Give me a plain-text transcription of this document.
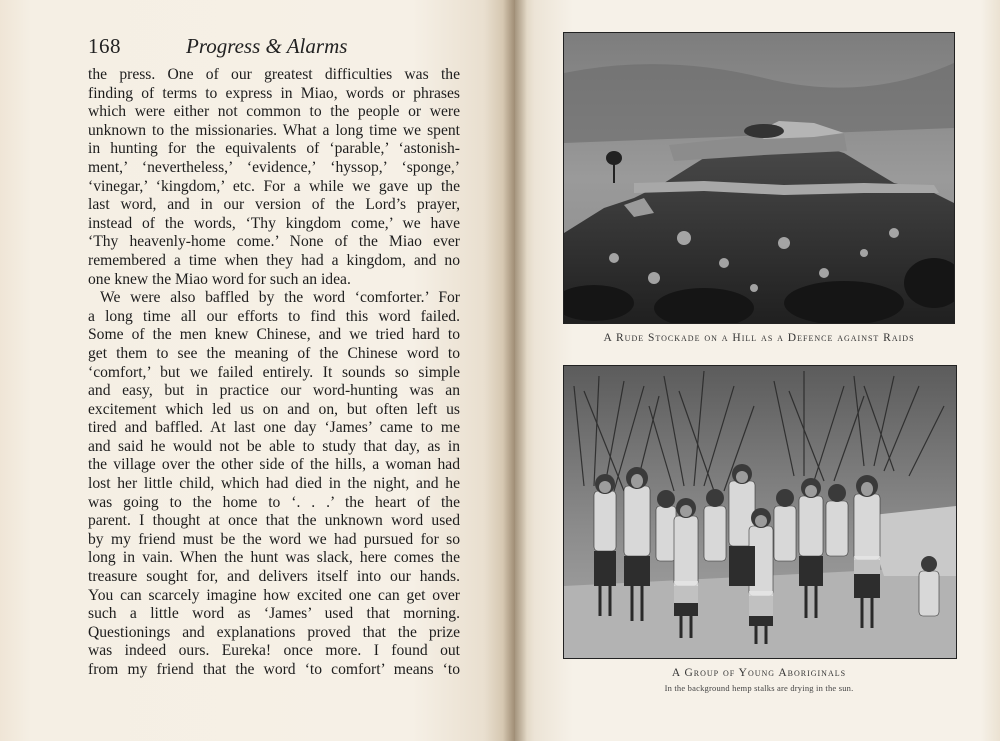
168	Progress & Alarms
the press. One of our greatest difficulties was the
finding of terms to express in Miao, words or phrases
which were either not common to the people or were
unknown to the missionaries. What a long time we spent
in hunting for the equivalents of ‘parable,’ ‘astonish-
ment,’ ‘nevertheless,’ ‘evidence,’ ‘hyssop,’ ‘sponge,’
‘vinegar,’ ‘kingdom,’ etc. For a while we gave up the
last word, and in our version of the Lord’s prayer,
instead of the words, ‘Thy kingdom come,’ we have
‘Thy heavenly-home come.’ None of the Miao ever
remembered a time when they had a kingdom, and no
one knew the Miao word for such an idea.
We were also baffled by the word ‘comforter.’ For
a long time all our efforts to find this word failed.
Some of the men knew Chinese, and we tried hard to
get them to see the meaning of the Chinese word to
‘comfort,’ but we failed entirely. It sounds so simple
and easy, but in practice our word-hunting was an
excitement which led us on and on, but often left us
tired and baffled. At last one day ‘James’ came to me
and said he would not be able to study that day, as in
the village over the other side of the hills, a woman had
lost her little child, which had died in the night, and he
was going to the home to ‘. . .’ the heart of the
parent. I thought at once that the unknown word used
by my friend must be the word we had pursued for so
long in vain. When the hunt was slack, here comes the
treasure sought for, and delivers itself into our hands.
You can scarcely imagine how excited one can get over
such a little word as ‘James’ used that morning.
Questionings and explanations proved that the prize
was indeed ours. Eureka! once more. I found out
from my friend that the word ‘to comfort’ means ‘to
A Rude Stockade on a Hill as a Defence against Raids
A Group of Young Aboriginals
In the background hemp stalks are drying in the sun.
